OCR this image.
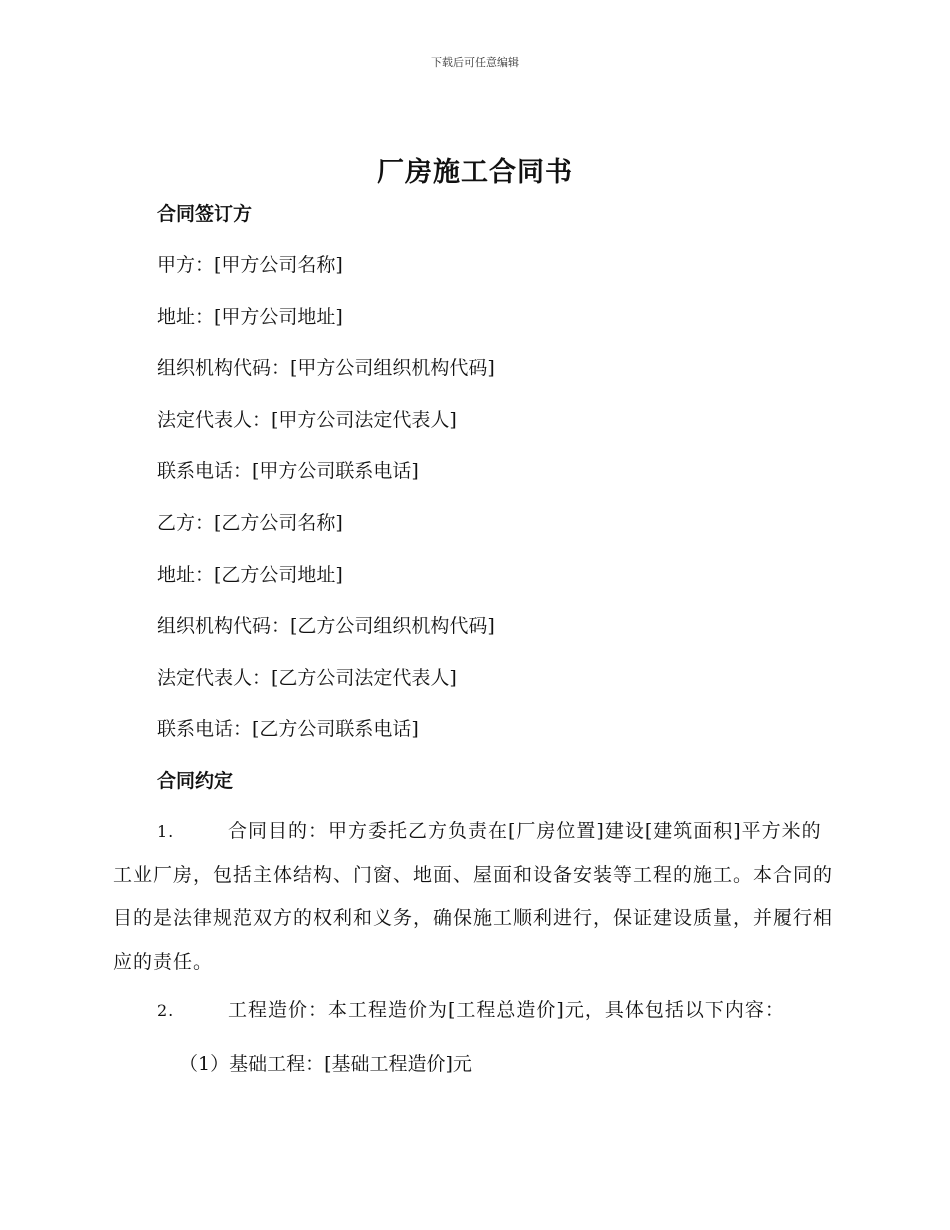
下载后可任意编辑
厂房施工合同书
合同签订方
甲方：[甲方公司名称]
地址：[甲方公司地址]
组织机构代码：[甲方公司组织机构代码]
法定代表人：[甲方公司法定代表人]
联系电话：[甲方公司联系电话]
乙方：[乙方公司名称]
地址：[乙方公司地址]
组织机构代码：[乙方公司组织机构代码]
法定代表人：[乙方公司法定代表人]
联系电话：[乙方公司联系电话]
合同约定
1.	合同目的：甲方委托乙方负责在[厂房位置]建设[建筑面积]平方米的工业厂房，包括主体结构、门窗、地面、屋面和设备安装等工程的施工。本合同的目的是法律规范双方的权利和义务，确保施工顺利进行，保证建设质量，并履行相应的责任。
2.	工程造价：本工程造价为[工程总造价]元，具体包括以下内容：
（1）基础工程：[基础工程造价]元
